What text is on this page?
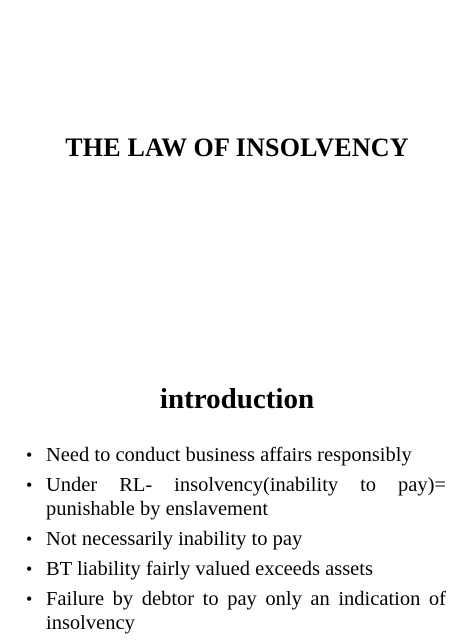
THE LAW OF INSOLVENCY
introduction
• Need to conduct business affairs responsibly
• Under RL- insolvency(inability to pay)= punishable by enslavement
• Not necessarily inability to pay
• BT liability fairly valued exceeds assets
• Failure by debtor to pay only an indication of insolvency
